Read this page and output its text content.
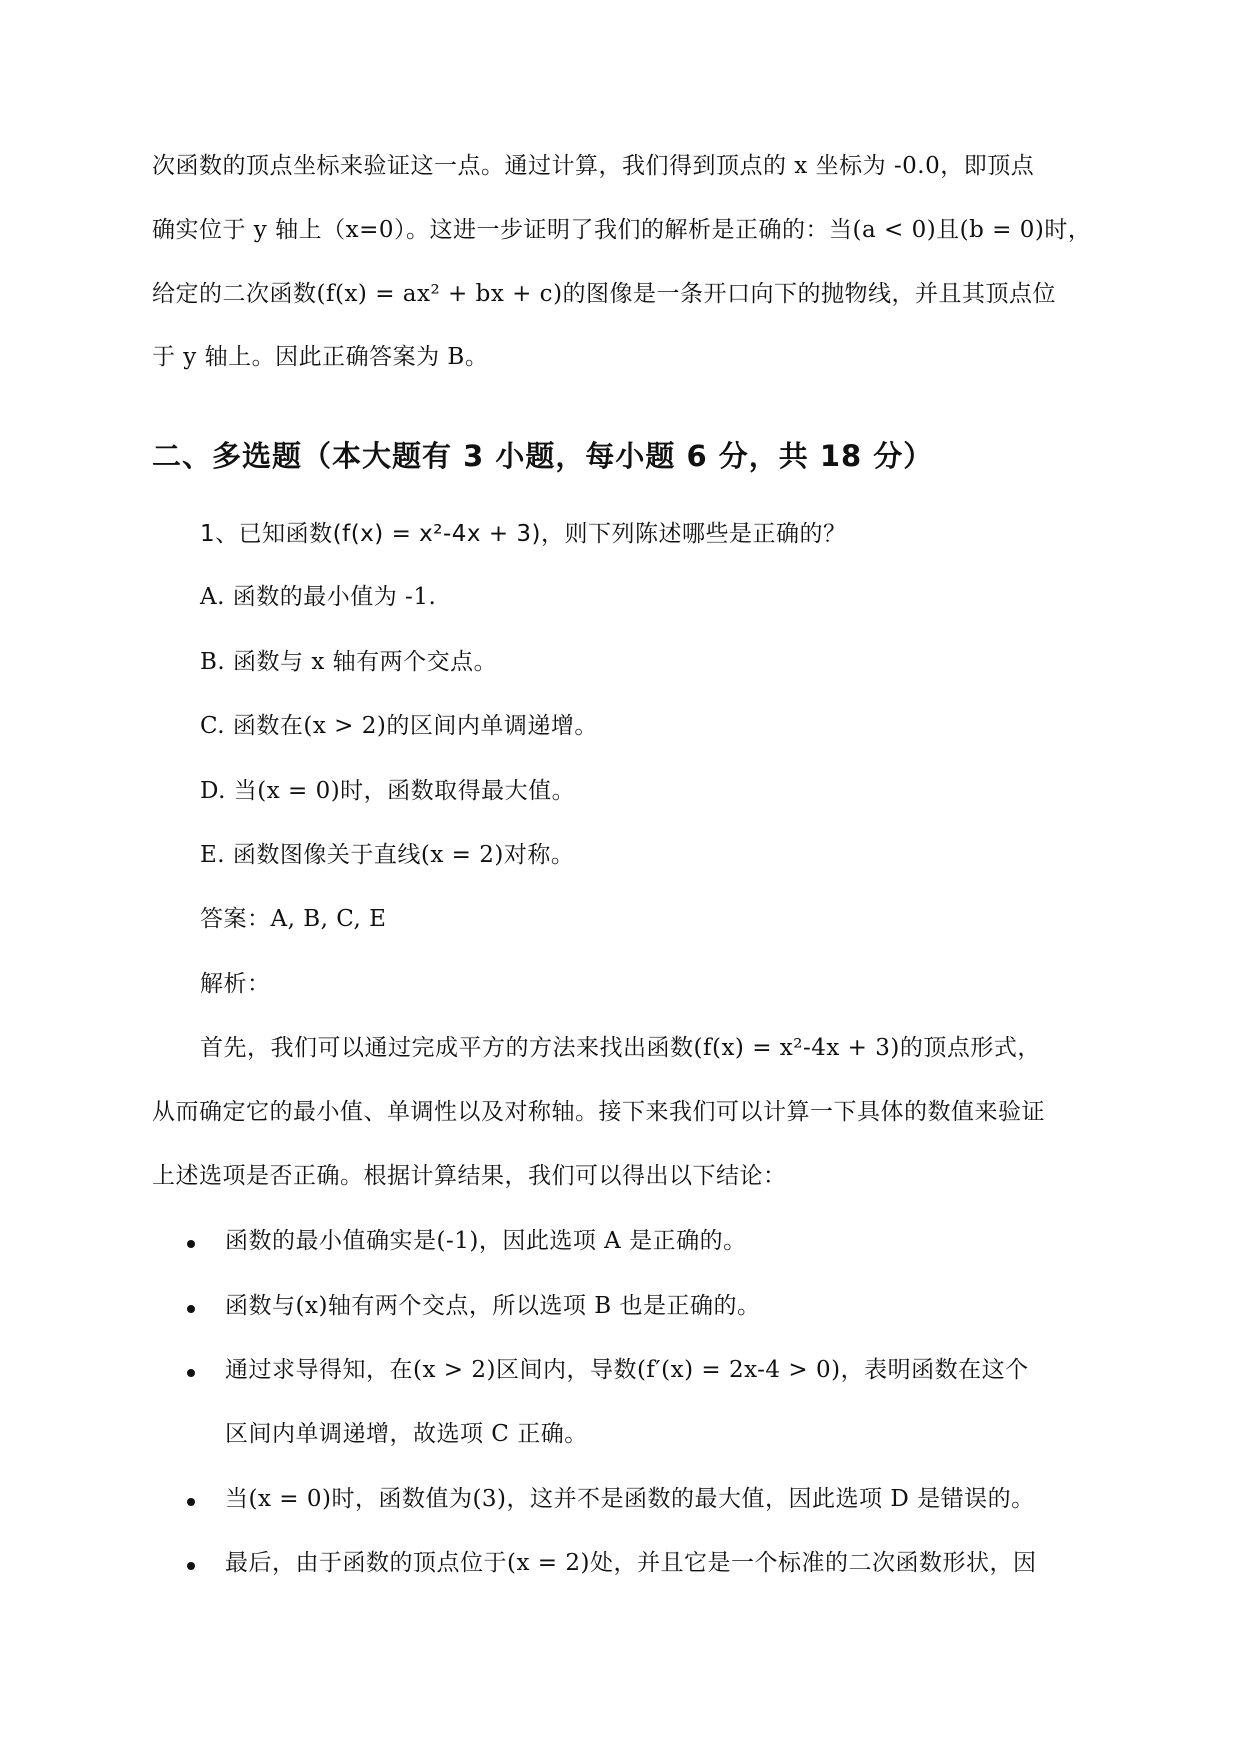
次函数的顶点坐标来验证这一点。通过计算，我们得到顶点的 x 坐标为 -0.0，即顶点
确实位于 y 轴上（x=0）。这进一步证明了我们的解析是正确的：当(a < 0)且(b = 0)时，
给定的二次函数(f(x) = ax² + bx + c)的图像是一条开口向下的抛物线，并且其顶点位
于 y 轴上。因此正确答案为 B。
二、多选题（本大题有 3 小题，每小题 6 分，共 18 分）
1、已知函数(f(x) = x²-4x + 3)，则下列陈述哪些是正确的？
A. 函数的最小值为 -1.
B. 函数与 x 轴有两个交点。
C. 函数在(x > 2)的区间内单调递增。
D. 当(x = 0)时，函数取得最大值。
E. 函数图像关于直线(x = 2)对称。
答案：A, B, C, E
解析：
首先，我们可以通过完成平方的方法来找出函数(f(x) = x²-4x + 3)的顶点形式，
从而确定它的最小值、单调性以及对称轴。接下来我们可以计算一下具体的数值来验证
上述选项是否正确。根据计算结果，我们可以得出以下结论：
函数的最小值确实是(-1)，因此选项 A 是正确的。
函数与(x)轴有两个交点，所以选项 B 也是正确的。
通过求导得知，在(x > 2)区间内，导数(f′(x) = 2x-4 > 0)，表明函数在这个
区间内单调递增，故选项 C 正确。
当(x = 0)时，函数值为(3)，这并不是函数的最大值，因此选项 D 是错误的。
最后，由于函数的顶点位于(x = 2)处，并且它是一个标准的二次函数形状，因
